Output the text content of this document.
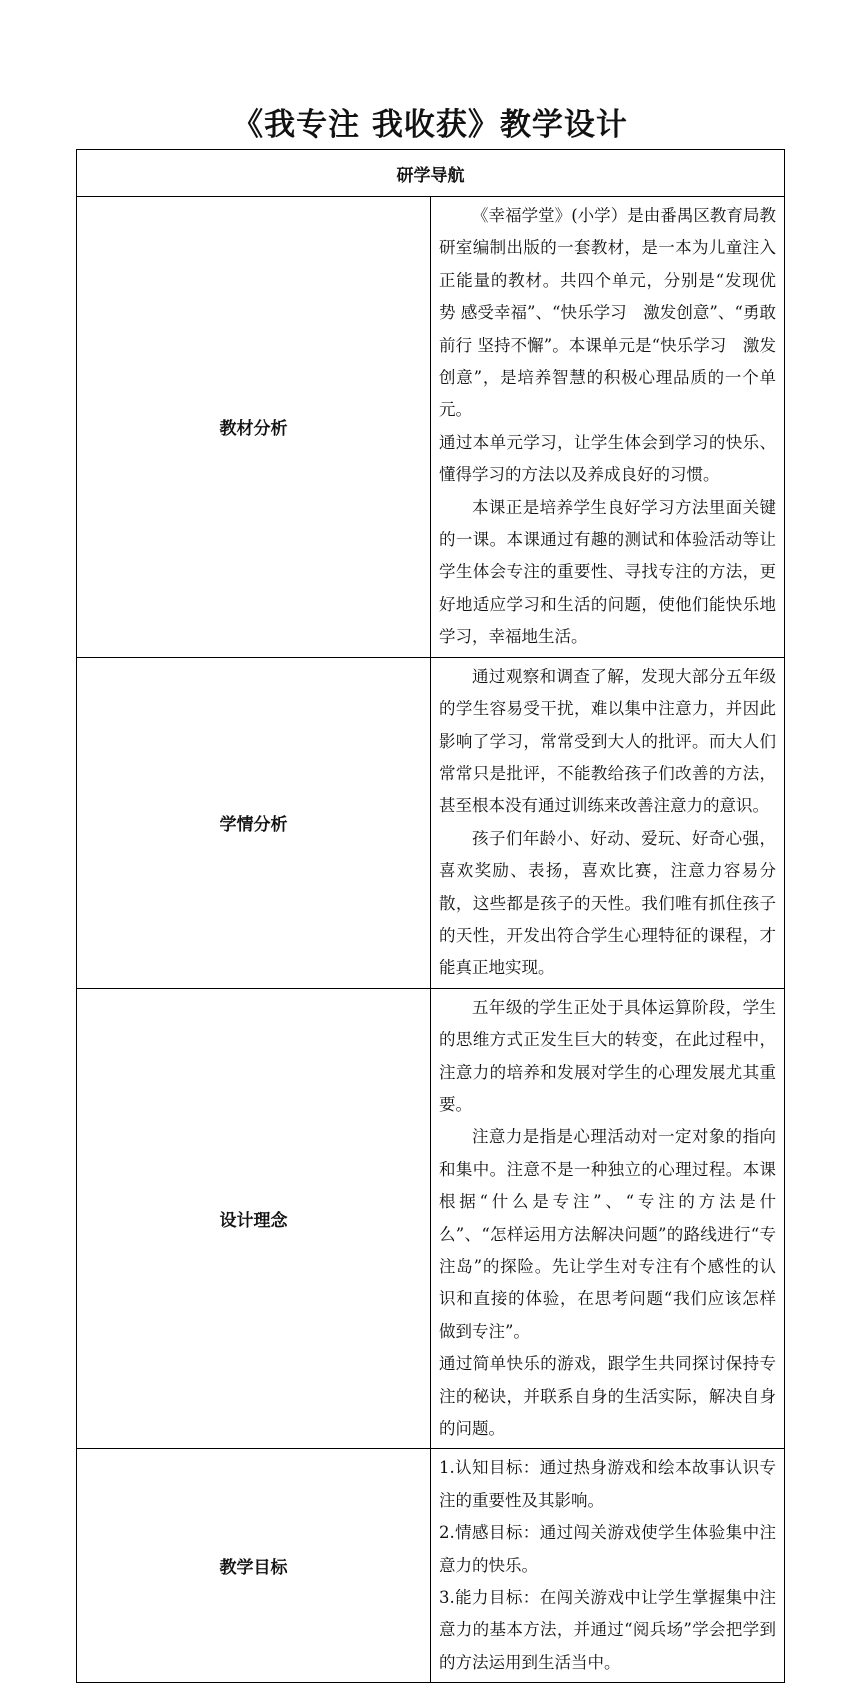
《我专注 我收获》教学设计
研学导航	
教材分析	《幸福学堂》(小学）是由番禺区教育局教研室编制出版的一套教材，是一本为儿童注入正能量的教材。共四个单元，分别是“发现优势 感受幸福”、“快乐学习　激发创意”、“勇敢前行 坚持不懈”。本课单元是“快乐学习　激发创意”，是培养智慧的积极心理品质的一个单元。

通过本单元学习，让学生体会到学习的快乐、懂得学习的方法以及养成良好的习惯。

本课正是培养学生良好学习方法里面关键的一课。本课通过有趣的测试和体验活动等让学生体会专注的重要性、寻找专注的方法，更好地适应学习和生活的问题，使他们能快乐地学习，幸福地生活。

学情分析	通过观察和调查了解，发现大部分五年级的学生容易受干扰，难以集中注意力，并因此影响了学习，常常受到大人的批评。而大人们常常只是批评，不能教给孩子们改善的方法，甚至根本没有通过训练来改善注意力的意识。

孩子们年龄小、好动、爱玩、好奇心强，喜欢奖励、表扬，喜欢比赛，注意力容易分散，这些都是孩子的天性。我们唯有抓住孩子的天性，开发出符合学生心理特征的课程，才能真正地实现。

设计理念	五年级的学生正处于具体运算阶段，学生的思维方式正发生巨大的转变，在此过程中，注意力的培养和发展对学生的心理发展尤其重要。

注意力是指是心理活动对一定对象的指向和集中。注意不是一种独立的心理过程。本课根据“什么是专注”、“专注的方法是什么”、“怎样运用方法解决问题”的路线进行“专注岛”的探险。先让学生对专注有个感性的认识和直接的体验，在思考问题“我们应该怎样做到专注”。

通过简单快乐的游戏，跟学生共同探讨保持专注的秘诀，并联系自身的生活实际，解决自身的问题。

教学目标	1.认知目标：通过热身游戏和绘本故事认识专注的重要性及其影响。

2.情感目标：通过闯关游戏使学生体验集中注意力的快乐。

3.能力目标：在闯关游戏中让学生掌握集中注意力的基本方法，并通过“阅兵场”学会把学到的方法运用到生活当中。
